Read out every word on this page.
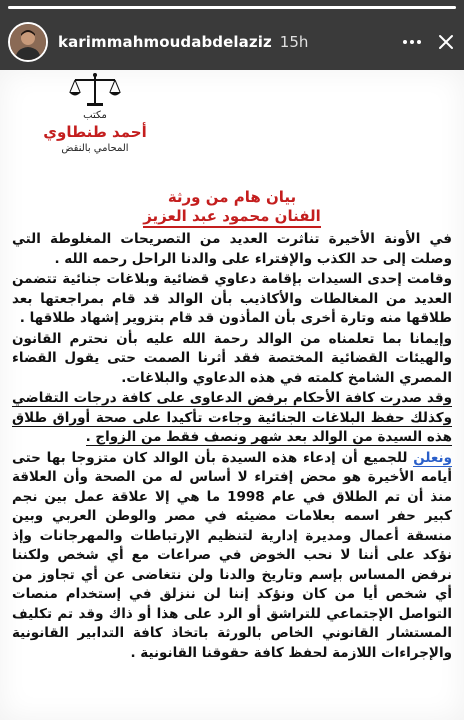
karimmahmoudabdelaziz 15h
مكتب
أحمد طنطاوي
المحامي بالنقض
بيان هام من ورثة
الفنان محمود عبد العزيز

في الأونة الأخيرة تناثرت العديد من التصريحات المغلوطة التي وصلت إلى حد الكذب والإفتراء على والدنا الراحل رحمه الله .

وقامت إحدى السيدات بإقامة دعاوي قضائية وبلاغات جنائية تتضمن العديد من المغالطات والأكاذيب بأن الوالد قد قام بمراجعتها بعد طلاقها منه وتارة أخرى بأن المأذون قد قام بتزوير إشهاد طلاقها .

وإيمانا بما تعلمناه من الوالد رحمة الله عليه بأن نحترم القانون والهيئات القضائية المختصة فقد أثرنا الصمت حتى يقول القضاء المصري الشامخ كلمته في هذه الدعاوي والبلاغات.

وقد صدرت كافة الأحكام برفض الدعاوى على كافة درجات التقاضي وكذلك حفظ البلاغات الجنائية وجاءت تأكيدا على صحة أوراق طلاق هذه السيدة من الوالد بعد شهر ونصف فقط من الزواج .

ونعلن للجميع أن إدعاء هذه السيدة بأن الوالد كان متزوجا بها حتى أيامه الأخيرة هو محض إفتراء لا أساس له من الصحة وأن العلاقة منذ أن تم الطلاق في عام 1998 ما هي إلا علاقة عمل بين نجم كبير حفر اسمه بعلامات مضيئه في مصر والوطن العربي وبين منسقة أعمال ومديرة إدارية لتنظيم الإرتباطات والمهرجانات وإذ نؤكد على أننا لا نحب الخوض في صراعات مع أي شخص ولكننا نرفض المساس بإسم وتاريخ والدنا ولن نتغاضى عن أي تجاوز من أي شخص أيا من كان ونؤكد إننا لن ننزلق في إستخدام منصات التواصل الإجتماعي للتراشق أو الرد على هذا أو ذاك وقد تم تكليف المستشار القانوني الخاص بالورثة باتخاذ كافة التدابير القانونية والإجراءات اللازمة لحفظ كافة حقوقنا القانونية .
